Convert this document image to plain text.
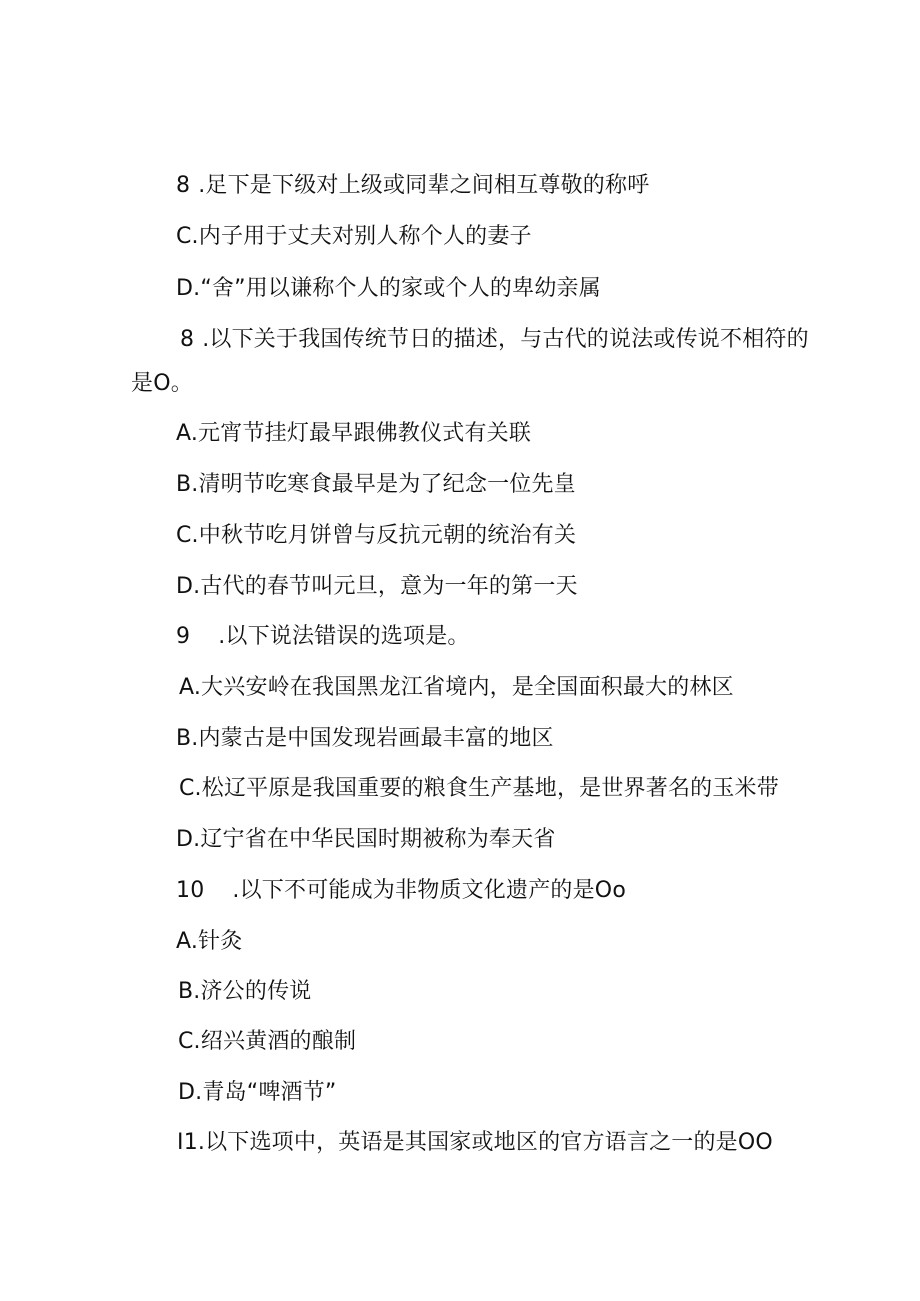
8 .足下是下级对上级或同辈之间相互尊敬的称呼
C.内子用于丈夫对别人称个人的妻子
D.“舍”用以谦称个人的家或个人的卑幼亲属
8 .以下关于我国传统节日的描述，与古代的说法或传说不相符的
是O。
A.元宵节挂灯最早跟佛教仪式有关联
B.清明节吃寒食最早是为了纪念一位先皇
C.中秋节吃月饼曾与反抗元朝的统治有关
D.古代的春节叫元旦，意为一年的第一天
9 .以下说法错误的选项是。
A.大兴安岭在我国黑龙江省境内，是全国面积最大的林区
B.内蒙古是中国发现岩画最丰富的地区
C.松辽平原是我国重要的粮食生产基地，是世界著名的玉米带
D.辽宁省在中华民国时期被称为奉天省
10 .以下不可能成为非物质文化遗产的是Oo
A.针灸
B.济公的传说
C.绍兴黄酒的酿制
D.青岛“啤酒节”
I1.以下选项中，英语是其国家或地区的官方语言之一的是OO
